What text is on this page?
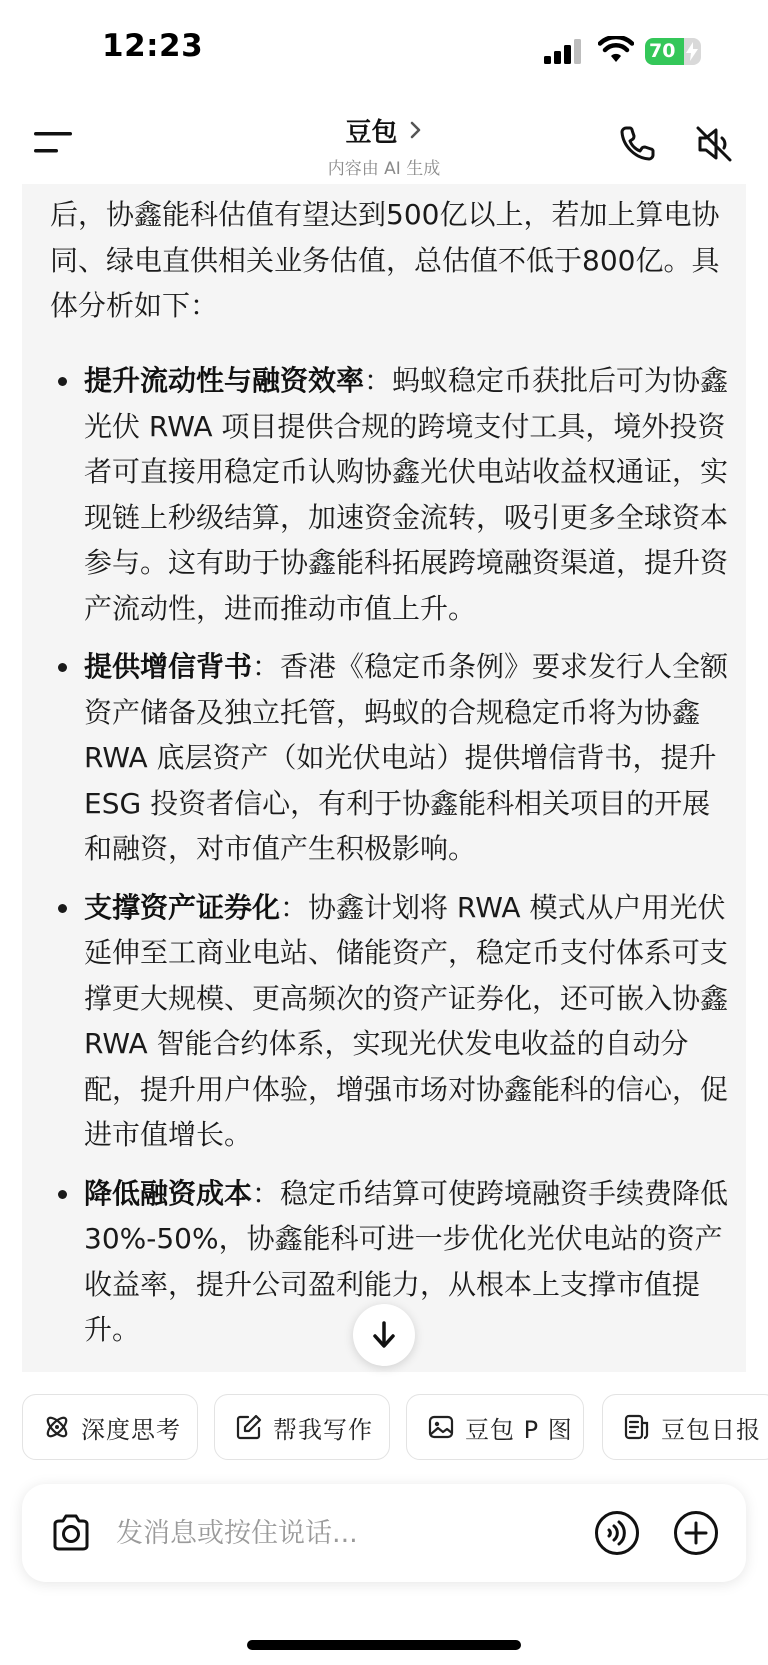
12:23	70
豆包
内容由 AI 生成

后，协鑫能科估值有望达到500亿以上，若加上算电协同、绿电直供相关业务估值，总估值不低于800亿。具体分析如下：

提升流动性与融资效率：蚂蚁稳定币获批后可为协鑫光伏 RWA 项目提供合规的跨境支付工具，境外投资者可直接用稳定币认购协鑫光伏电站收益权通证，实现链上秒级结算，加速资金流转，吸引更多全球资本参与。这有助于协鑫能科拓展跨境融资渠道，提升资产流动性，进而推动市值上升。
提供增信背书：香港《稳定币条例》要求发行人全额资产储备及独立托管，蚂蚁的合规稳定币将为协鑫 RWA 底层资产（如光伏电站）提供增信背书，提升 ESG 投资者信心，有利于协鑫能科相关项目的开展和融资，对市值产生积极影响。
支撑资产证券化：协鑫计划将 RWA 模式从户用光伏延伸至工商业电站、储能资产，稳定币支付体系可支撑更大规模、更高频次的资产证券化，还可嵌入协鑫 RWA 智能合约体系，实现光伏发电收益的自动分配，提升用户体验，增强市场对协鑫能科的信心，促进市值增长。
降低融资成本：稳定币结算可使跨境融资手续费降低 30%-50%，协鑫能科可进一步优化光伏电站的资产收益率，提升公司盈利能力，从根本上支撑市值提升。
深度思考	帮我写作	豆包 P 图	豆包日报
发消息或按住说话...
